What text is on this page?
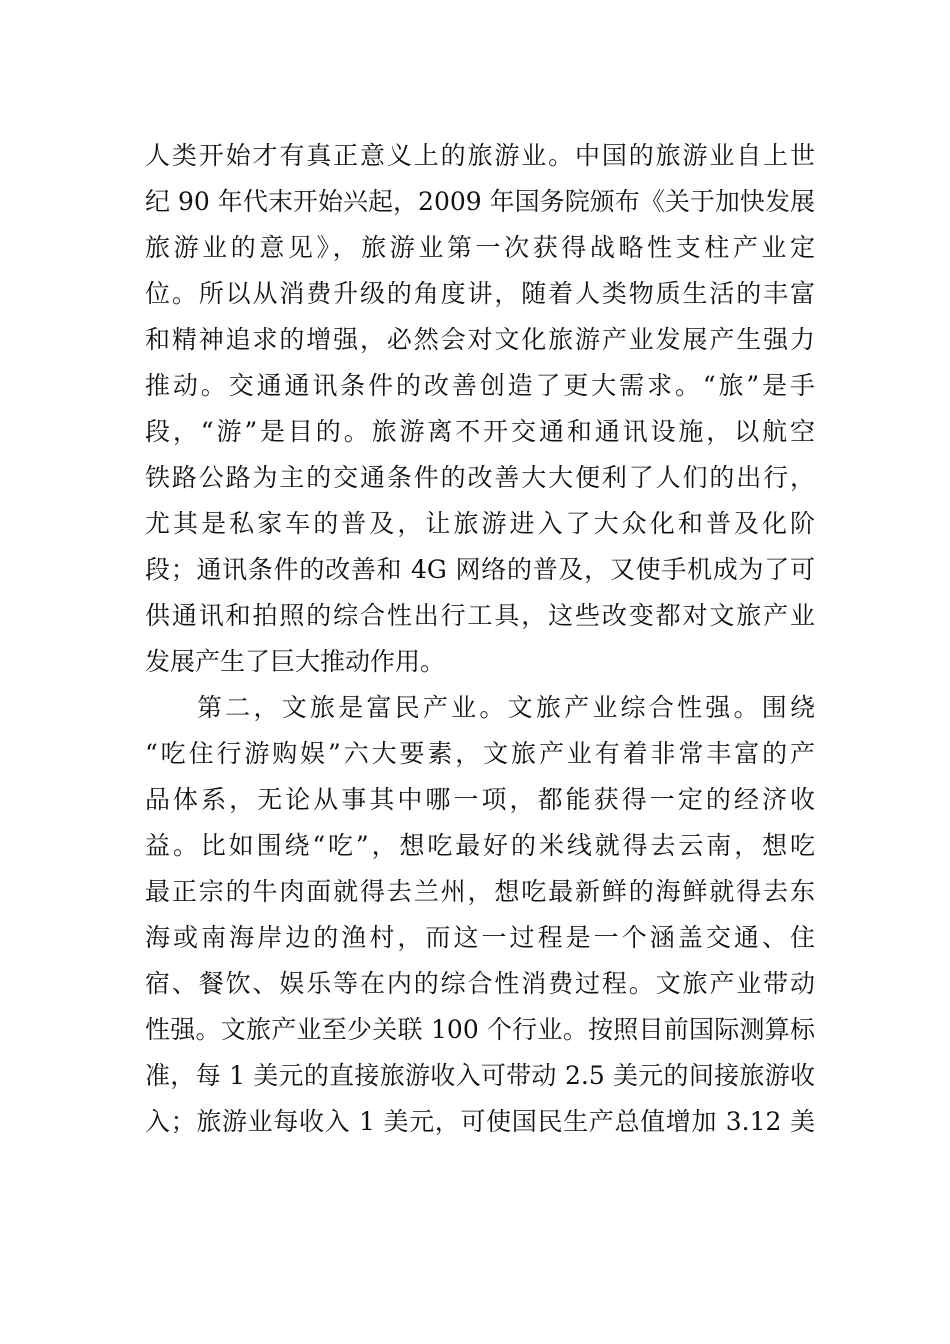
人类开始才有真正意义上的旅游业。中国的旅游业自上世
纪 90 年代末开始兴起，2009 年国务院颁布《关于加快发展
旅游业的意见》，旅游业第一次获得战略性支柱产业定
位。所以从消费升级的角度讲，随着人类物质生活的丰富
和精神追求的增强，必然会对文化旅游产业发展产生强力
推动。交通通讯条件的改善创造了更大需求。“旅”是手
段，“游”是目的。旅游离不开交通和通讯设施，以航空
铁路公路为主的交通条件的改善大大便利了人们的出行，
尤其是私家车的普及，让旅游进入了大众化和普及化阶
段；通讯条件的改善和 4G 网络的普及，又使手机成为了可
供通讯和拍照的综合性出行工具，这些改变都对文旅产业
发展产生了巨大推动作用。
第二，文旅是富民产业。文旅产业综合性强。围绕
“吃住行游购娱”六大要素，文旅产业有着非常丰富的产
品体系，无论从事其中哪一项，都能获得一定的经济收
益。比如围绕“吃”，想吃最好的米线就得去云南，想吃
最正宗的牛肉面就得去兰州，想吃最新鲜的海鲜就得去东
海或南海岸边的渔村，而这一过程是一个涵盖交通、住
宿、餐饮、娱乐等在内的综合性消费过程。文旅产业带动
性强。文旅产业至少关联 100 个行业。按照目前国际测算标
准，每 1 美元的直接旅游收入可带动 2.5 美元的间接旅游收
入；旅游业每收入 1 美元，可使国民生产总值增加 3.12 美
